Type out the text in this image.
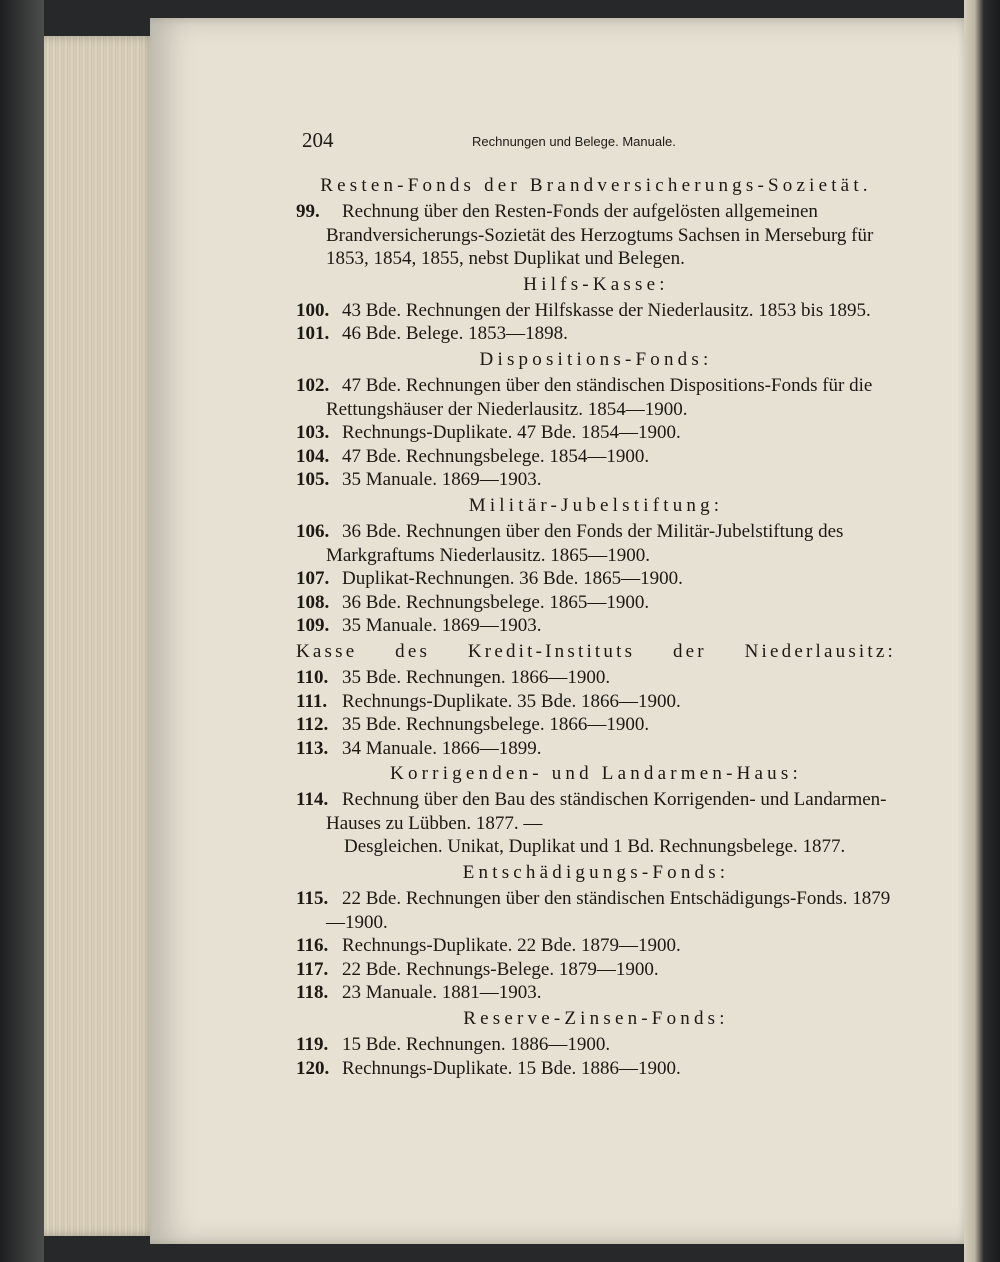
204	Rechnungen und Belege. Manuale.

Resten-Fonds der Brandversicherungs-Sozietät.

99. Rechnung über den Resten-Fonds der aufgelösten allgemeinen Brandversicherungs-Sozietät des Herzogtums Sachsen in Merseburg für 1853, 1854, 1855, nebst Duplikat und Belegen.

Hilfs-Kasse:

100. 43 Bde. Rechnungen der Hilfskasse der Niederlausitz. 1853 bis 1895.

101. 46 Bde. Belege. 1853—1898.

Dispositions-Fonds:

102. 47 Bde. Rechnungen über den ständischen Dispositions-Fonds für die Rettungshäuser der Niederlausitz. 1854—1900.

103. Rechnungs-Duplikate. 47 Bde. 1854—1900.

104. 47 Bde. Rechnungsbelege. 1854—1900.

105. 35 Manuale. 1869—1903.

Militär-Jubelstiftung:

106. 36 Bde. Rechnungen über den Fonds der Militär-Jubelstiftung des Markgraftums Niederlausitz. 1865—1900.

107. Duplikat-Rechnungen. 36 Bde. 1865—1900.

108. 36 Bde. Rechnungsbelege. 1865—1900.

109. 35 Manuale. 1869—1903.

Kasse des Kredit-Instituts der Niederlausitz:

110. 35 Bde. Rechnungen. 1866—1900.

111. Rechnungs-Duplikate. 35 Bde. 1866—1900.

112. 35 Bde. Rechnungsbelege. 1866—1900.

113. 34 Manuale. 1866—1899.

Korrigenden- und Landarmen-Haus:

114. Rechnung über den Bau des ständischen Korrigenden- und Landarmen-Hauses zu Lübben. 1877. —

Desgleichen. Unikat, Duplikat und 1 Bd. Rechnungsbelege. 1877.

Entschädigungs-Fonds:

115. 22 Bde. Rechnungen über den ständischen Entschädigungs-Fonds. 1879—1900.

116. Rechnungs-Duplikate. 22 Bde. 1879—1900.

117. 22 Bde. Rechnungs-Belege. 1879—1900.

118. 23 Manuale. 1881—1903.

Reserve-Zinsen-Fonds:

119. 15 Bde. Rechnungen. 1886—1900.

120. Rechnungs-Duplikate. 15 Bde. 1886—1900.
